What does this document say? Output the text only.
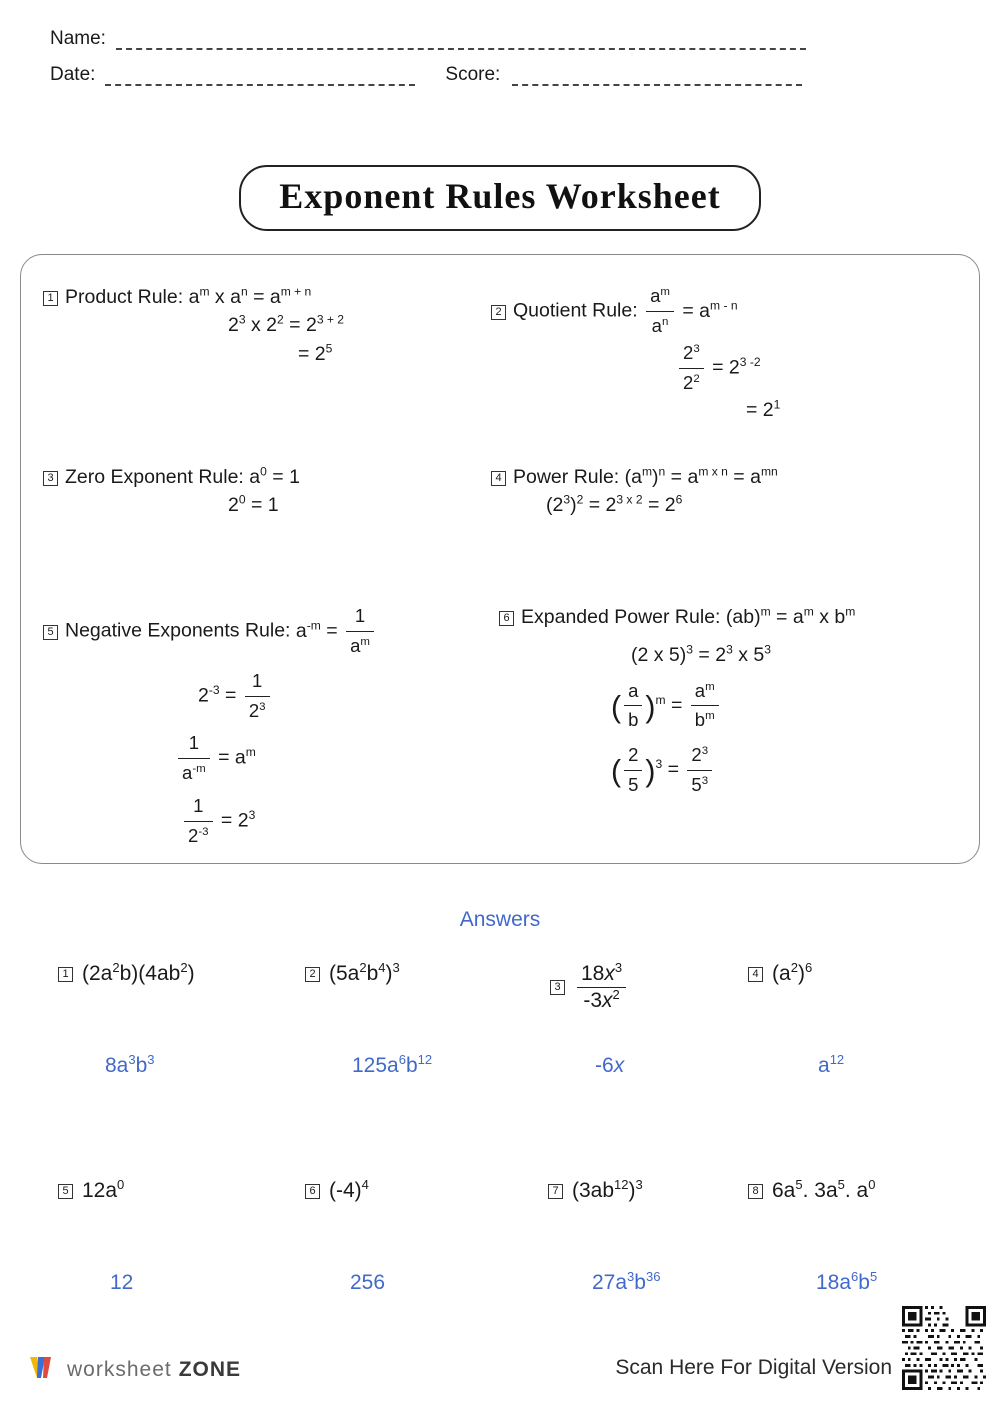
Name:
Date:	Score:
Exponent Rules Worksheet
1 Product Rule: $a^m$ x $a^n = a^{m + n}$
$2^3$ x $2^2 = 2^{3 + 2}$
= $2^5$
2 Quotient Rule: $\frac{a^m}{a^n} = a^{m - n}$
$\frac{2^3}{2^2} = 2^{3 -2}$
= $2^1$
3 Zero Exponent Rule: $a^0 = 1$
$2^0 = 1$
4 Power Rule: $(a^m)^n = a^{m x n} = a^{mn}$
$(2^3)^2 = 2^{3 x 2} = 2^6$
5 Negative Exponents Rule: $a^{-m} = \frac{1}{a^m}$
$2^{-3} = \frac{1}{2^3}$
$\frac{1}{a^{-m}} = a^m$
$\frac{1}{2^{-3}} = 2^3$
6 Expanded Power Rule: $(ab)^m = a^m$ x $b^m$
(2 x $5)^3 = 2^3$ x $5^3$
( $\frac{a}{b} )^m = \frac{a^m}{b^m}$
( $\frac{2}{5} )^3 = \frac{2^3}{5^3}$
Answers
1 $(2a^2b)(4ab^2)$
$8a^3b^3$
2 $(5a^2b^4)^3$
$125a^6b^{12}$
$3 \frac{18x^3}{-3x^2}$
-6x
4 $(a^2)^6$
$a^{12}$
5 $12a^0$
12
6 $(-4)^4$
256
7 $(3ab^{12})^3$
$27a^3b^{36}$
8 $6a^5$. $3a^5$. $a^0$
$18a^6b^5$
worksheet ZONE	Scan Here For Digital Version
